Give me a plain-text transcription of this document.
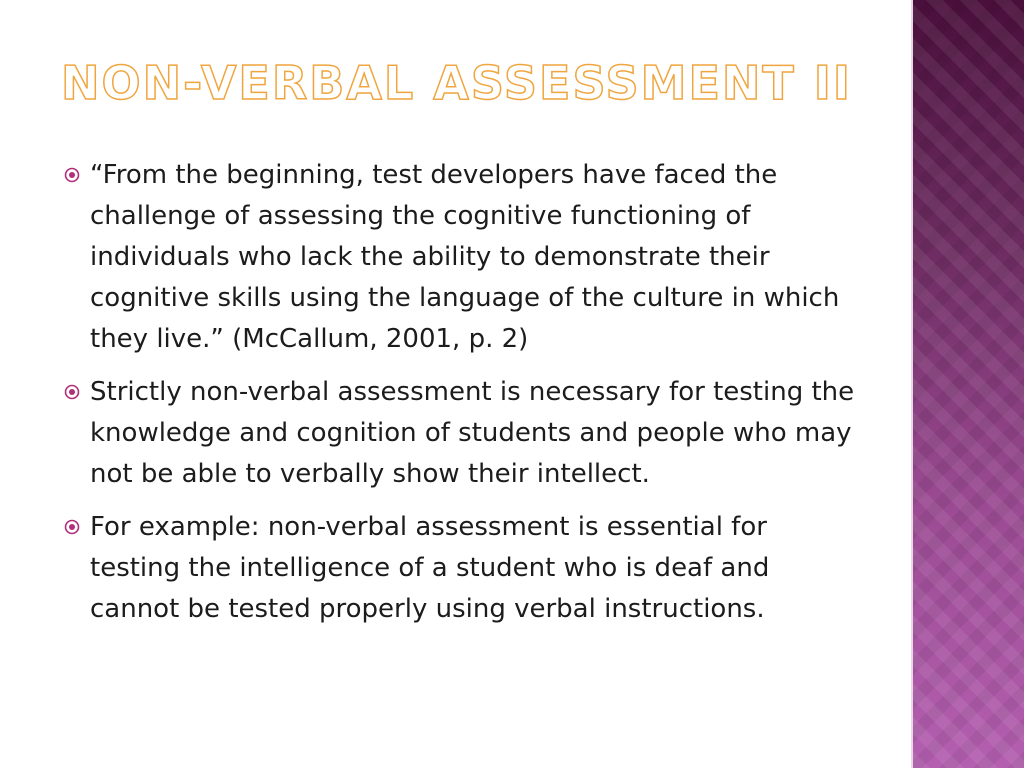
NON-VERBAL ASSESSMENT II
“From the beginning, test developers have faced the challenge of assessing the cognitive functioning of individuals who lack the ability to demonstrate their cognitive skills using the language of the culture in which they live.” (McCallum, 2001, p. 2)
Strictly non-verbal assessment is necessary for testing the knowledge and cognition of students and people who may not be able to verbally show their intellect.
For example: non-verbal assessment is essential for testing the intelligence of a student who is deaf and cannot be tested properly using verbal instructions.
